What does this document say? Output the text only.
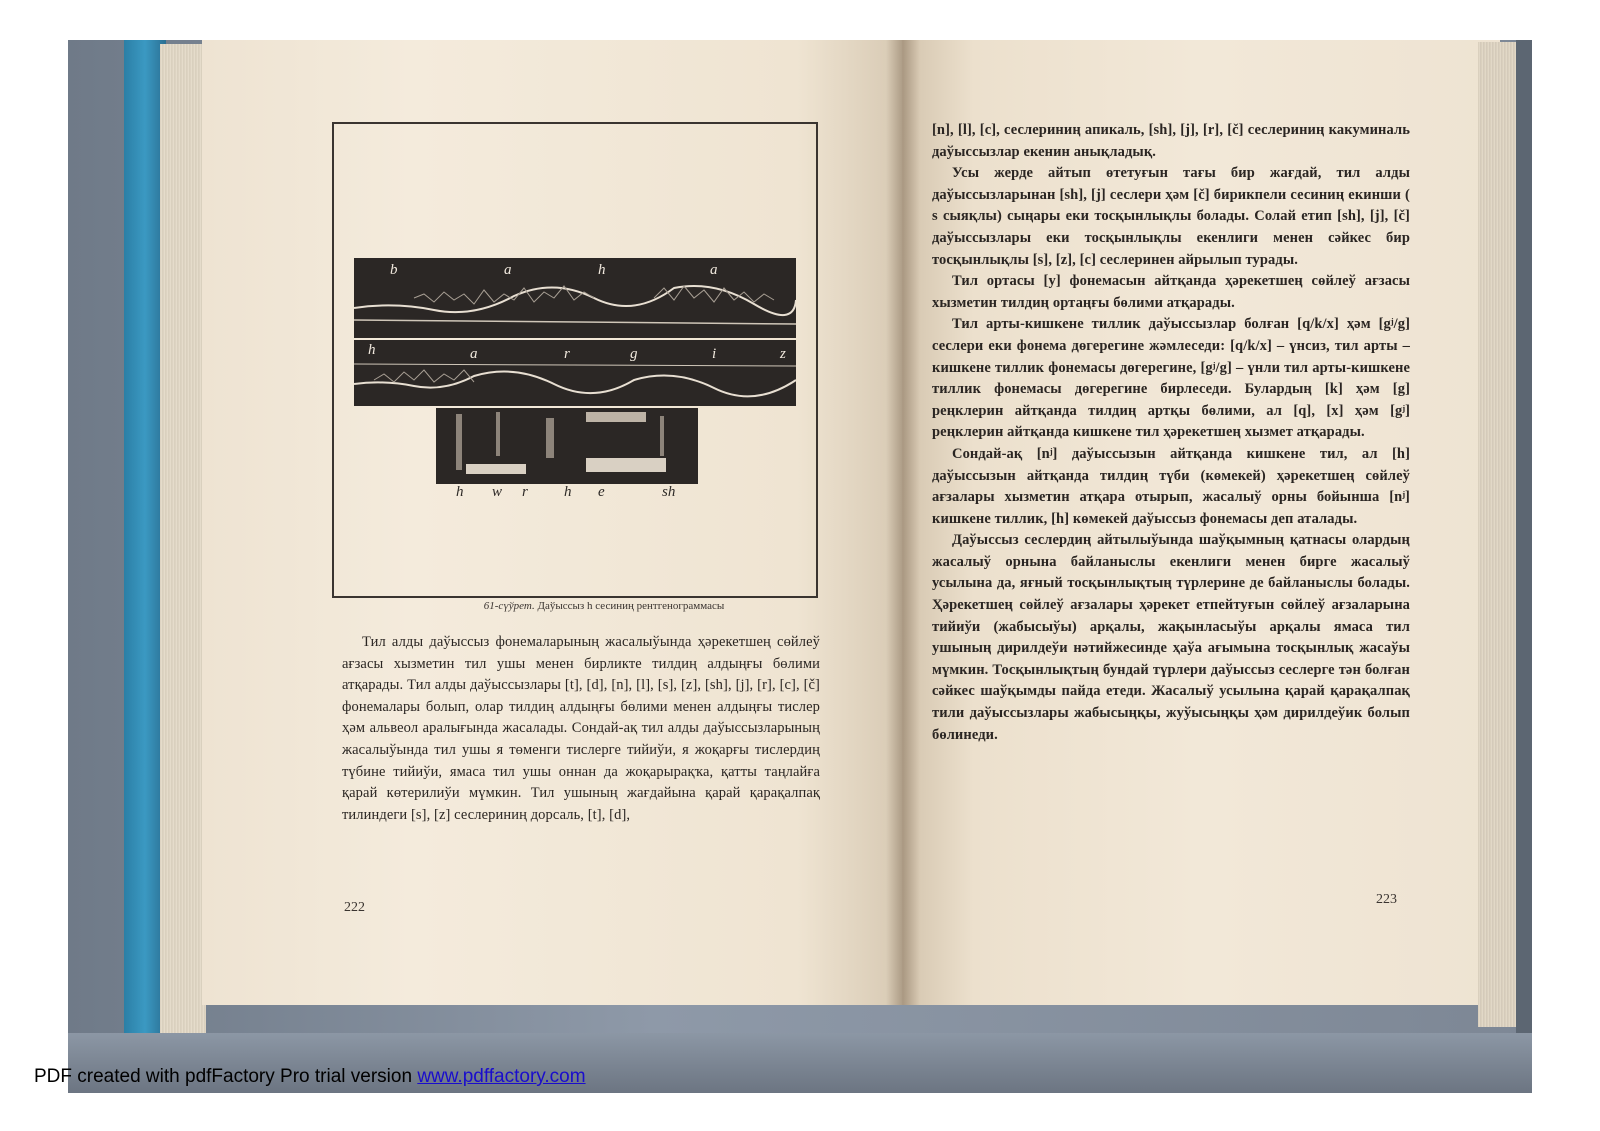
b	a	h	a
h	a	r	g	i	z
h w r h e	sh
61-сүўрет. Даўыссыз h сесиниң рентгенограммасы

Тил алды даўыссыз фонемаларының жасалыўында ҳәрекетшең сөйлеў ағзасы хызметин тил ушы менен бирликте тилдиң алдыңғы бөлими атқарады. Тил алды даўыссызлары [t], [d], [n], [l], [s], [z], [sh], [j], [r], [c], [č] фонемалары болып, олар тилдиң алдыңғы бөлими менен алдыңғы тислер ҳәм альвеол аралығында жасалады. Сондай-ақ тил алды даўыссызларының жасалыўында тил ушы я төменги тислерге тийиўи, я жоқарғы тислердиң түбине тийиўи, ямаса тил ушы оннан да жоқарырақҡа, қатты таңлайға қарай көтерилиўи мүмкин. Тил ушының жағдайына қарай қарақалпақ тилиндеги [s], [z] сеслериниң дорсаль, [t], [d],

222

[n], [l], [c], сеслериниң апикаль, [sh], [j], [r], [č] сеслериниң какуминаль даўыссызлар екенин анықладық.

Усы жерде айтып өтетуғын тағы бир жағдай, тил алды даўыссызларынан [sh], [j] сеслери ҳәм [č] бирикпели сесиниң екинши ( s сыяқлы) сыңары еки тосқынлықлы болады. Солай етип [sh], [j], [č] даўыссызлары еки тосқынлықлы екенлиги менен сәйкес бир тосқынлықлы [s], [z], [c] сеслеринен айрылып турады.

Тил ортасы [y] фонемасын айтқанда ҳәрекетшең сөйлеў ағзасы хызметин тилдиң ортаңғы бөлими атқарады.

Тил арты-кишкене тиллик даўыссызлар болған [q/k/x] ҳәм [gʲ/g] сеслери еки фонема дөгерегине жәмлеседи: [q/k/x] – үнсиз, тил арты – кишкене тиллик фонемасы дөгерегине, [gʲ/g] – үнли тил арты-кишкене тиллик фонемасы дөгерегине бирлеседи. Булардың [k] ҳәм [g] реңклерин айтқанда тилдиң артқы бөлими, ал [q], [x] ҳәм [gʲ] реңклерин айтқанда кишкене тил ҳәрекетшең хызмет атқарады.

Сондай-ақ [nʲ] даўыссызын айтқанда кишкене тил, ал [h] даўыссызын айтқанда тилдиң түби (көмекей) ҳәрекетшең сөйлеў ағзалары хызметин атқара отырып, жасалыў орны бойынша [nʲ] кишкене тиллик, [h] көмекей даўыссыз фонемасы деп аталады.

Даўыссыз сеслердиң айтылыўында шаўқымның қатнасы олардың жасалыў орнына байланыслы екенлиги менен бирге жасалыў усылына да, яғный тосқынлықтың түрлерине де байланыслы болады. Ҳәрекетшең сөйлеў ағзалары ҳәрекет етпейтуғын сөйлеў ағзаларына тийиўи (жабысыўы) арқалы, жақынласыўы арқалы ямаса тил ушының дирилдеўи нәтийжесинде ҳаўа ағымына тосқынлық жасаўы мүмкин. Тосқынлықтың бундай түрлери даўыссыз сеслерге тән болған сәйкес шаўқымды пайда етеди. Жасалыў усылына қарай қарақалпақ тили даўыссызлары жабысыңқы, жуўысыңқы ҳәм дирилдеўик болып бөлинеди.

223
PDF created with pdfFactory Pro trial version www.pdffactory.com
